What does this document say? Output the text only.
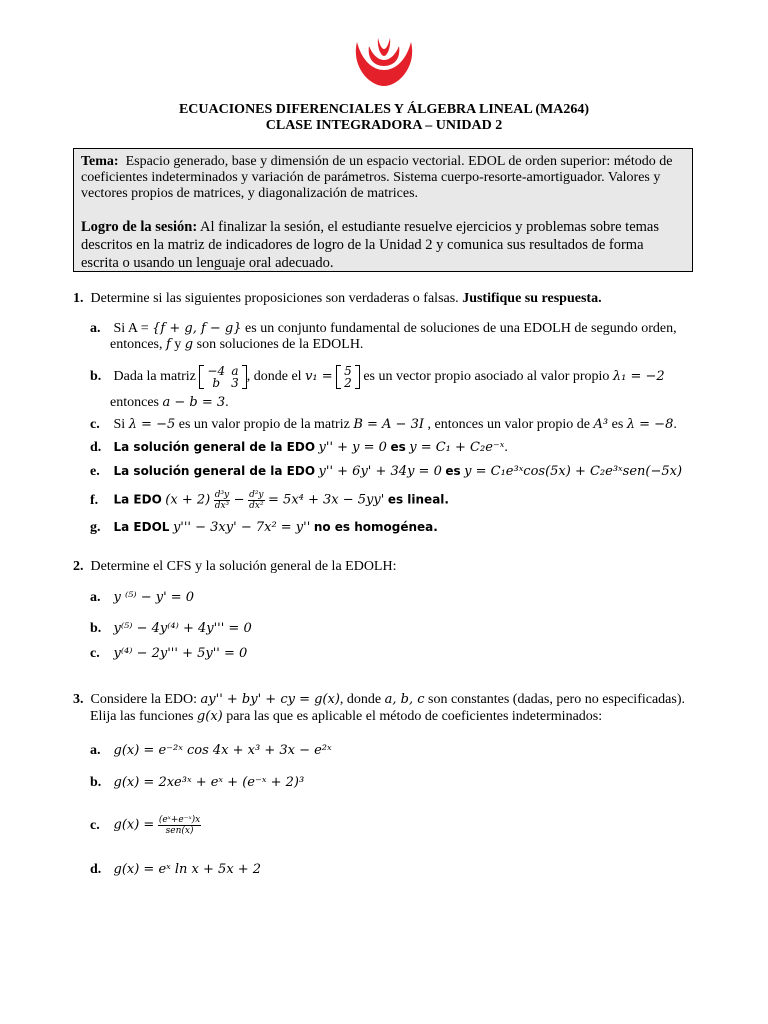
ECUACIONES DIFERENCIALES Y ÁLGEBRA LINEAL (MA264)
CLASE INTEGRADORA – UNIDAD 2

Tema: Espacio generado, base y dimensión de un espacio vectorial. EDOL de orden superior: método de coeficientes indeterminados y variación de parámetros. Sistema cuerpo-resorte-amortiguador. Valores y vectores propios de matrices, y diagonalización de matrices.

Logro de la sesión: Al finalizar la sesión, el estudiante resuelve ejercicios y problemas sobre temas descritos en la matriz de indicadores de logro de la Unidad 2 y comunica sus resultados de forma escrita o usando un lenguaje oral adecuado.

1. Determine si las siguientes proposiciones son verdaderas o falsas. Justifique su respuesta.
a. Si A = {f + g, f − g} es un conjunto fundamental de soluciones de una EDOLH de segundo orden,
entonces, f y g son soluciones de la EDOLH.
b. Dada la matriz −4	a
b	3 , donde el v₁ = 5
2 es un vector propio asociado al valor propio λ₁ = −2
entonces a − b = 3.
c. Si λ = −5 es un valor propio de la matriz B = A − 3I , entonces un valor propio de A³ es λ = −8.
d. La solución general de la EDO y'' + y = 0 es y = C₁ + C₂e⁻ˣ.
e. La solución general de la EDO y'' + 6y' + 34y = 0 es y = C₁e³ˣcos(5x) + C₂e³ˣsen(−5x)
f. La EDO $(x + 2) \frac{\text{d³y}}{\text{dx³}} - \frac{\text{d²y}}{\text{dx²}} = 5x^4 + 3x - 5yy'$ es lineal.
g. La EDOL y''' − 3xy' − 7x² = y'' no es homogénea.
2. Determine el CFS y la solución general de la EDOLH:
a. y ⁽⁵⁾ − y' = 0
b. y⁽⁵⁾ − 4y⁽⁴⁾ + 4y''' = 0
c. y⁽⁴⁾ − 2y''' + 5y'' = 0
3. Considere la EDO: ay'' + by' + cy = g(x), donde a, b, c son constantes (dadas, pero no especificadas).
Elija las funciones g(x) para las que es aplicable el método de coeficientes indeterminados:
a. g(x) = e⁻²ˣ cos 4x + x³ + 3x − e²ˣ
b. g(x) = 2xe³ˣ + eˣ + (e⁻ˣ + 2)³
c. $g(x) = \frac{\text{(eˣ+e⁻ˣ)x}}{\text{sen(x)}}$
d. g(x) = eˣ ln x + 5x + 2
